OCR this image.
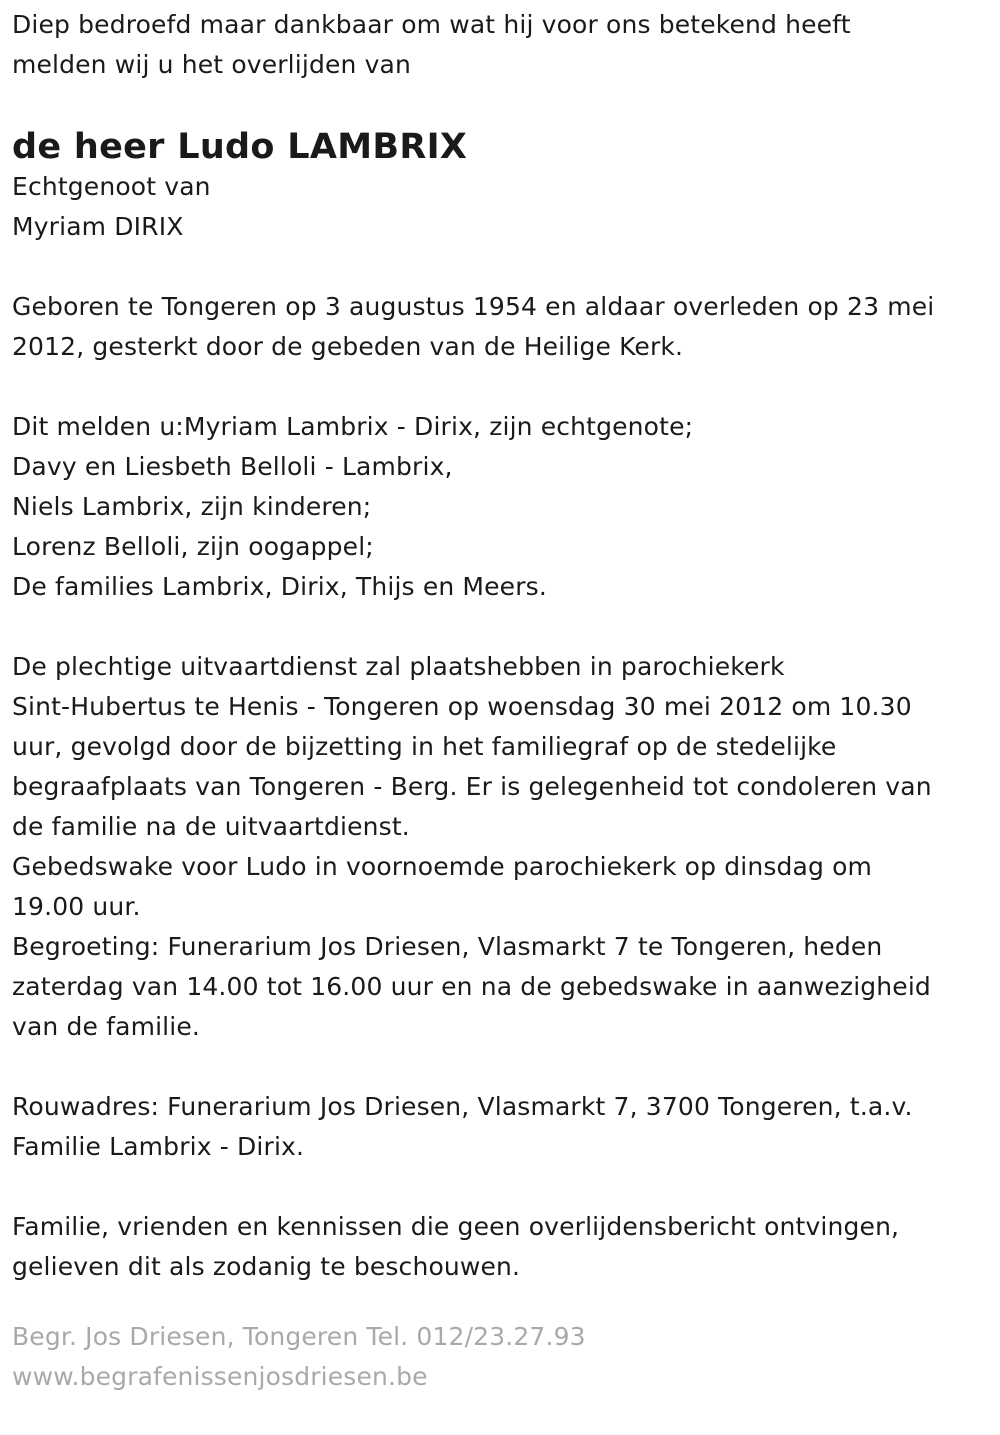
Diep bedroefd maar dankbaar om wat hij voor ons betekend heeft
melden wij u het overlijden van
de heer Ludo LAMBRIX
Echtgenoot van
Myriam DIRIX
Geboren te Tongeren op 3 augustus 1954 en aldaar overleden op 23 mei
2012, gesterkt door de gebeden van de Heilige Kerk.
Dit melden u:Myriam Lambrix - Dirix, zijn echtgenote;
Davy en Liesbeth Belloli - Lambrix,
Niels Lambrix, zijn kinderen;
Lorenz Belloli, zijn oogappel;
De families Lambrix, Dirix, Thijs en Meers.
De plechtige uitvaartdienst zal plaatshebben in parochiekerk
Sint-Hubertus te Henis - Tongeren op woensdag 30 mei 2012 om 10.30
uur, gevolgd door de bijzetting in het familiegraf op de stedelijke
begraafplaats van Tongeren - Berg. Er is gelegenheid tot condoleren van
de familie na de uitvaartdienst.
Gebedswake voor Ludo in voornoemde parochiekerk op dinsdag om
19.00 uur.
Begroeting: Funerarium Jos Driesen, Vlasmarkt 7 te Tongeren, heden
zaterdag van 14.00 tot 16.00 uur en na de gebedswake in aanwezigheid
van de familie.
Rouwadres: Funerarium Jos Driesen, Vlasmarkt 7, 3700 Tongeren, t.a.v.
Familie Lambrix - Dirix.
Familie, vrienden en kennissen die geen overlijdensbericht ontvingen,
gelieven dit als zodanig te beschouwen.
Begr. Jos Driesen, Tongeren Tel. 012/23.27.93
www.begrafenissenjosdriesen.be
